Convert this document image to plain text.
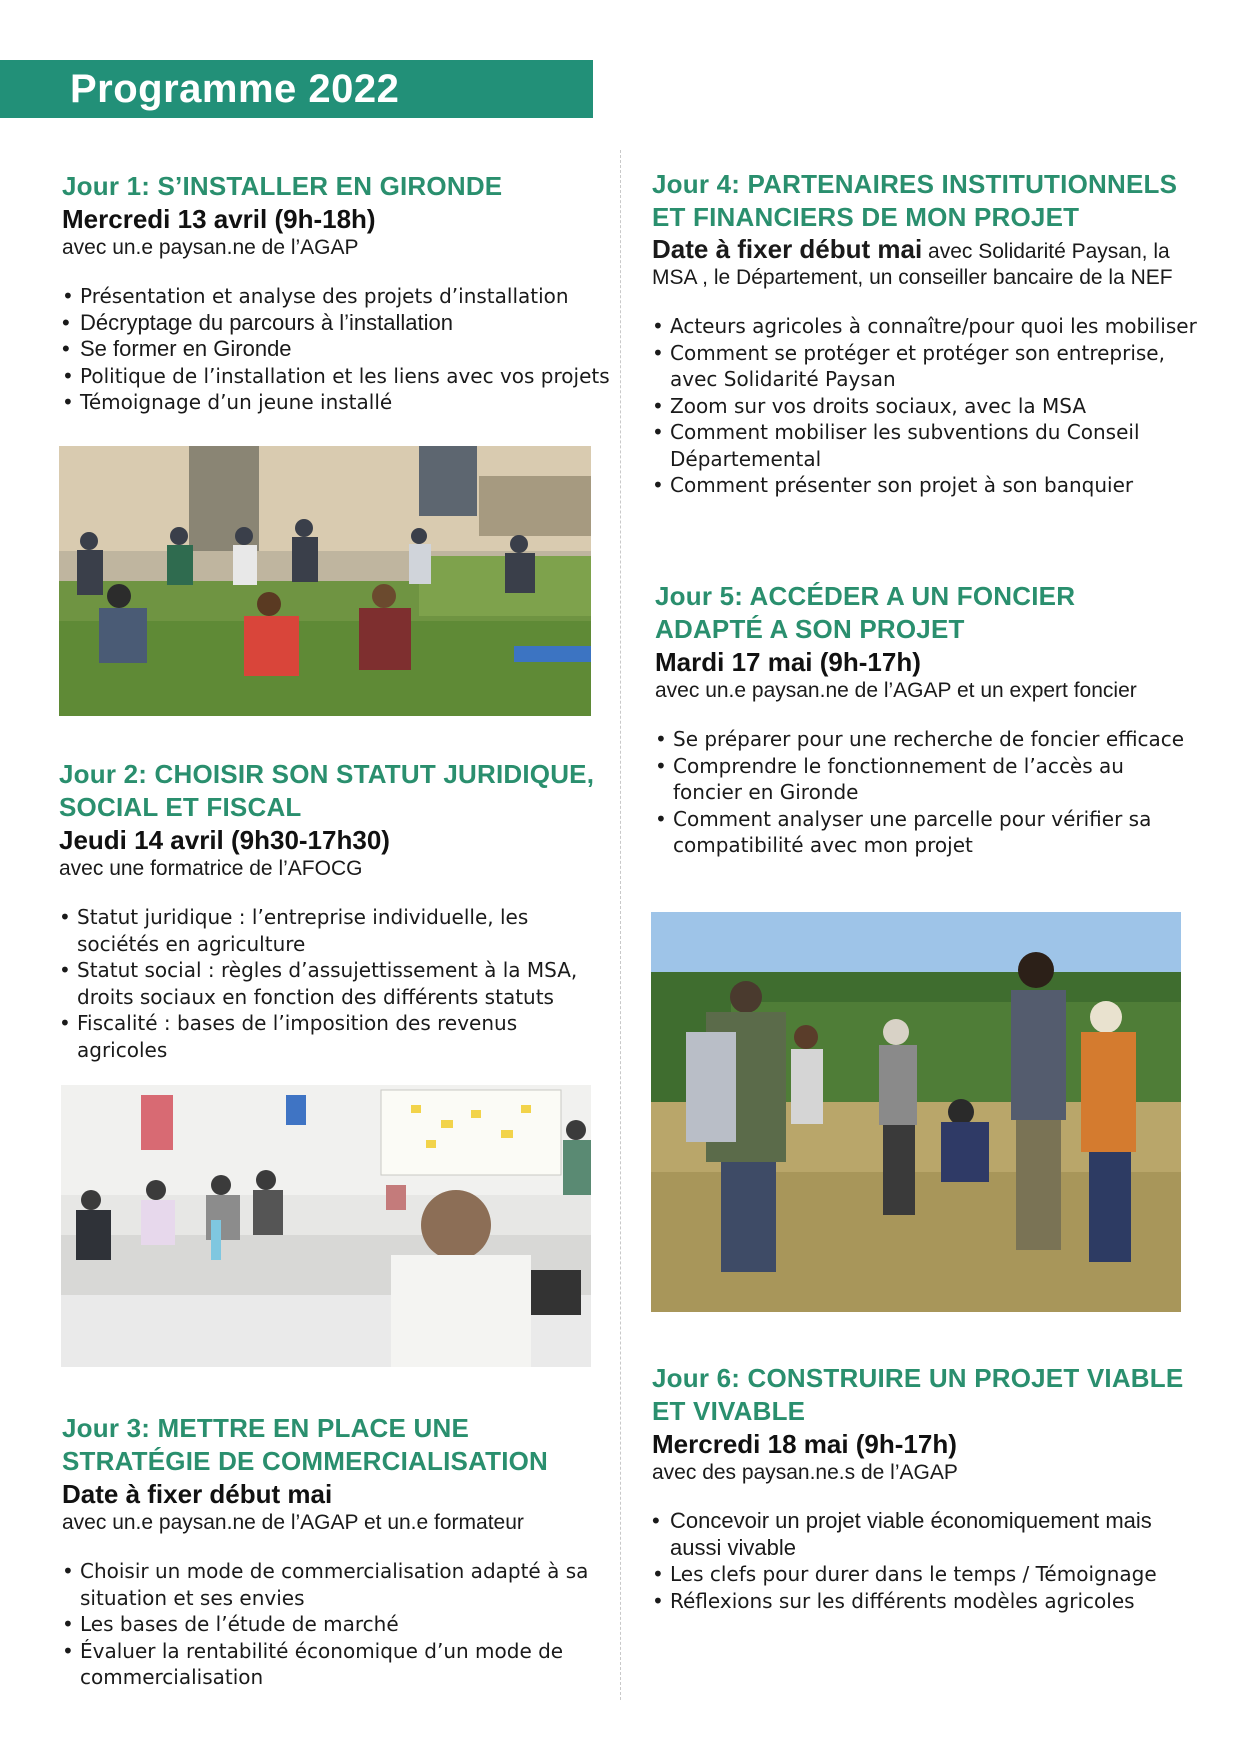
Programme 2022
Jour 1: S’INSTALLER EN GIRONDE
Mercredi 13 avril (9h-18h)
avec un.e paysan.ne de l’AGAP
• Présentation et analyse des projets d’installation
• Décryptage du parcours à l’installation
• Se former en Gironde
• Politique de l’installation et les liens avec vos projets
• Témoignage d’un jeune installé
Jour 2: CHOISIR SON STATUT JURIDIQUE,
SOCIAL ET FISCAL
Jeudi 14 avril (9h30-17h30)
avec une formatrice de l’AFOCG
• Statut juridique : l’entreprise individuelle, les sociétés en agriculture
• Statut social : règles d’assujettissement à la MSA, droits sociaux en fonction des différents statuts
• Fiscalité : bases de l’imposition des revenus agricoles
Jour 3: METTRE EN PLACE UNE
STRATÉGIE DE COMMERCIALISATION
Date à fixer début mai
avec un.e paysan.ne de l’AGAP et un.e formateur
• Choisir un mode de commercialisation adapté à sa situation et ses envies
• Les bases de l’étude de marché
• Évaluer la rentabilité économique d’un mode de commercialisation
Jour 4: PARTENAIRES INSTITUTIONNELS
ET FINANCIERS DE MON PROJET
Date à fixer début mai avec Solidarité Paysan, la MSA , le Département, un conseiller bancaire de la NEF
• Acteurs agricoles à connaître/pour quoi les mobiliser
• Comment se protéger et protéger son entreprise, avec Solidarité Paysan
• Zoom sur vos droits sociaux, avec la MSA
• Comment mobiliser les subventions du Conseil Départemental
• Comment présenter son projet à son banquier
Jour 5: ACCÉDER A UN FONCIER
ADAPTÉ A SON PROJET
Mardi 17 mai (9h-17h)
avec un.e paysan.ne de l’AGAP et un expert foncier
• Se préparer pour une recherche de foncier efficace
• Comprendre le fonctionnement de l’accès au foncier en Gironde
• Comment analyser une parcelle pour vérifier sa compatibilité avec mon projet
Jour 6: CONSTRUIRE UN PROJET VIABLE
ET VIVABLE
Mercredi 18 mai (9h-17h)
avec des paysan.ne.s de l’AGAP
• Concevoir un projet viable économiquement mais aussi vivable
• Les clefs pour durer dans le temps / Témoignage
• Réflexions sur les différents modèles agricoles
